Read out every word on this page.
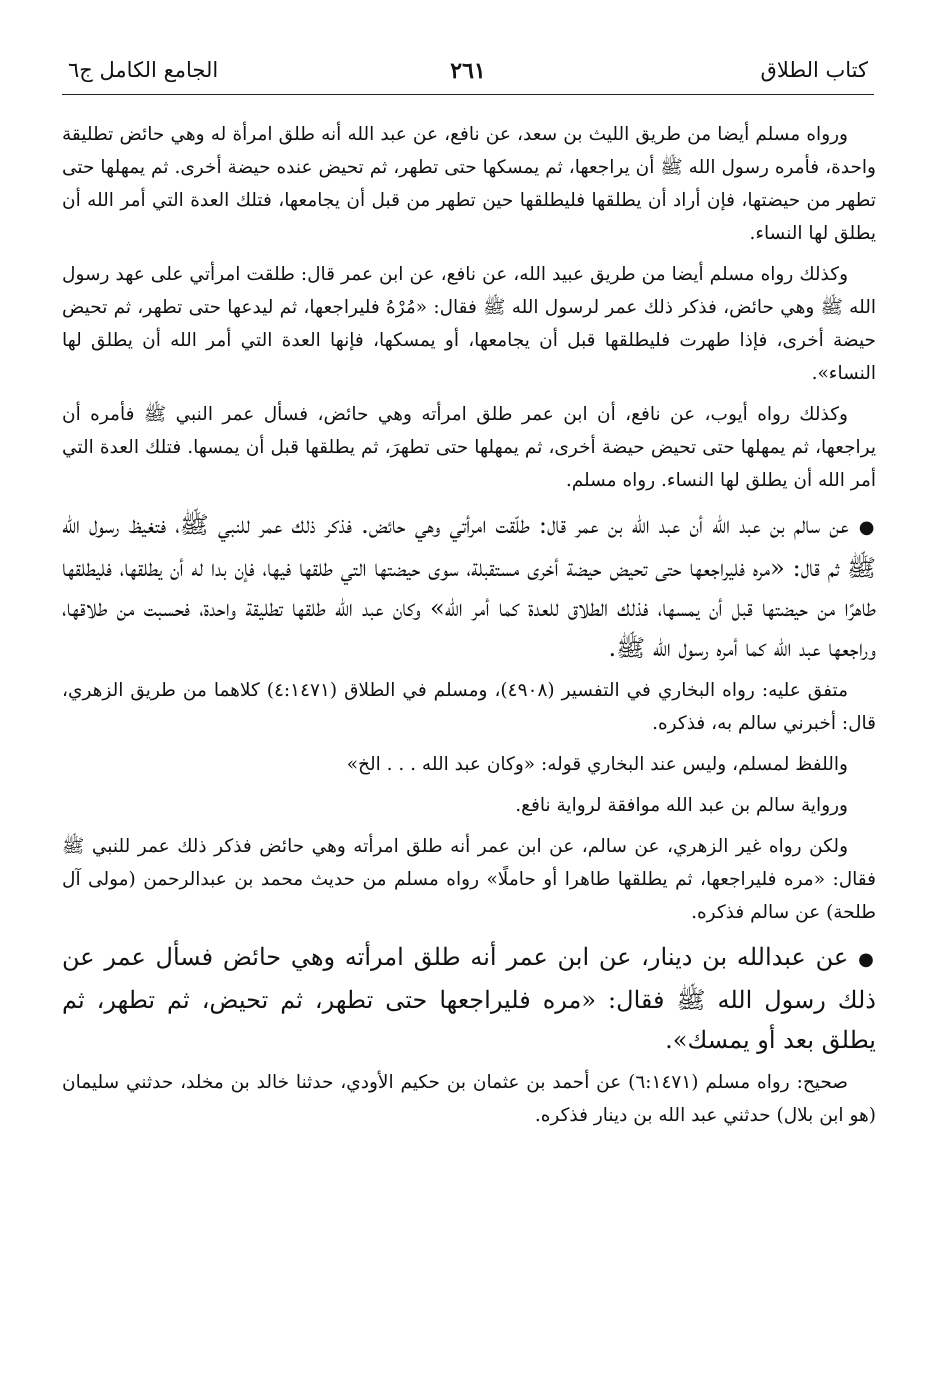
كتاب الطلاق
٢٦١
الجامع الكامل ج٦

ورواه مسلم أيضا من طريق الليث بن سعد، عن نافع، عن عبد الله أنه طلق امرأة له وهي حائض تطليقة واحدة، فأمره رسول الله ﷺ أن يراجعها، ثم يمسكها حتى تطهر، ثم تحيض عنده حيضة أخرى. ثم يمهلها حتى تطهر من حيضتها، فإن أراد أن يطلقها فليطلقها حين تطهر من قبل أن يجامعها، فتلك العدة التي أمر الله أن يطلق لها النساء.

وكذلك رواه مسلم أيضا من طريق عبيد الله، عن نافع، عن ابن عمر قال: طلقت امرأتي على عهد رسول الله ﷺ وهي حائض، فذكر ذلك عمر لرسول الله ﷺ فقال: «مُرْهُ فليراجعها، ثم ليدعها حتى تطهر، ثم تحيض حيضة أخرى، فإذا طهرت فليطلقها قبل أن يجامعها، أو يمسكها، فإنها العدة التي أمر الله أن يطلق لها النساء».

وكذلك رواه أيوب، عن نافع، أن ابن عمر طلق امرأته وهي حائض، فسأل عمر النبي ﷺ فأمره أن يراجعها، ثم يمهلها حتى تحيض حيضة أخرى، ثم يمهلها حتى تطهرَ، ثم يطلقها قبل أن يمسها. فتلك العدة التي أمر الله أن يطلق لها النساء. رواه مسلم.

●عن سالم بن عبد الله أن عبد الله بن عمر قال: طلّقت امرأتي وهي حائض. فذكر ذلك عمر للنبي ﷺ، فتغيظ رسول الله ﷺ ثم قال: «مره فليراجعها حتى تحيض حيضة أخرى مستقبلة، سوى حيضتها التي طلقها فيها، فإن بدا له أن يطلقها، فليطلقها طاهرًا من حيضتها قبل أن يمسها، فذلك الطلاق للعدة كما أمر الله» وكان عبد الله طلقها تطليقة واحدة، فحسبت من طلاقها، وراجعها عبد الله كما أمره رسول الله ﷺ.

متفق عليه: رواه البخاري في التفسير (٤٩٠٨)، ومسلم في الطلاق (٤:١٤٧١) كلاهما من طريق الزهري، قال: أخبرني سالم به، فذكره.

واللفظ لمسلم، وليس عند البخاري قوله: «وكان عبد الله . . . الخ»

ورواية سالم بن عبد الله موافقة لرواية نافع.

ولكن رواه غير الزهري، عن سالم، عن ابن عمر أنه طلق امرأته وهي حائض فذكر ذلك عمر للنبي ﷺ فقال: «مره فليراجعها، ثم يطلقها طاهرا أو حاملًا» رواه مسلم من حديث محمد بن عبدالرحمن (مولى آل طلحة) عن سالم فذكره.

●عن عبدالله بن دينار، عن ابن عمر أنه طلق امرأته وهي حائض فسأل عمر عن ذلك رسول الله ﷺ فقال: «مره فليراجعها حتى تطهر، ثم تحيض، ثم تطهر، ثم يطلق بعد أو يمسك».

صحيح: رواه مسلم (٦:١٤٧١) عن أحمد بن عثمان بن حكيم الأودي، حدثنا خالد بن مخلد، حدثني سليمان (هو ابن بلال) حدثني عبد الله بن دينار فذكره.
